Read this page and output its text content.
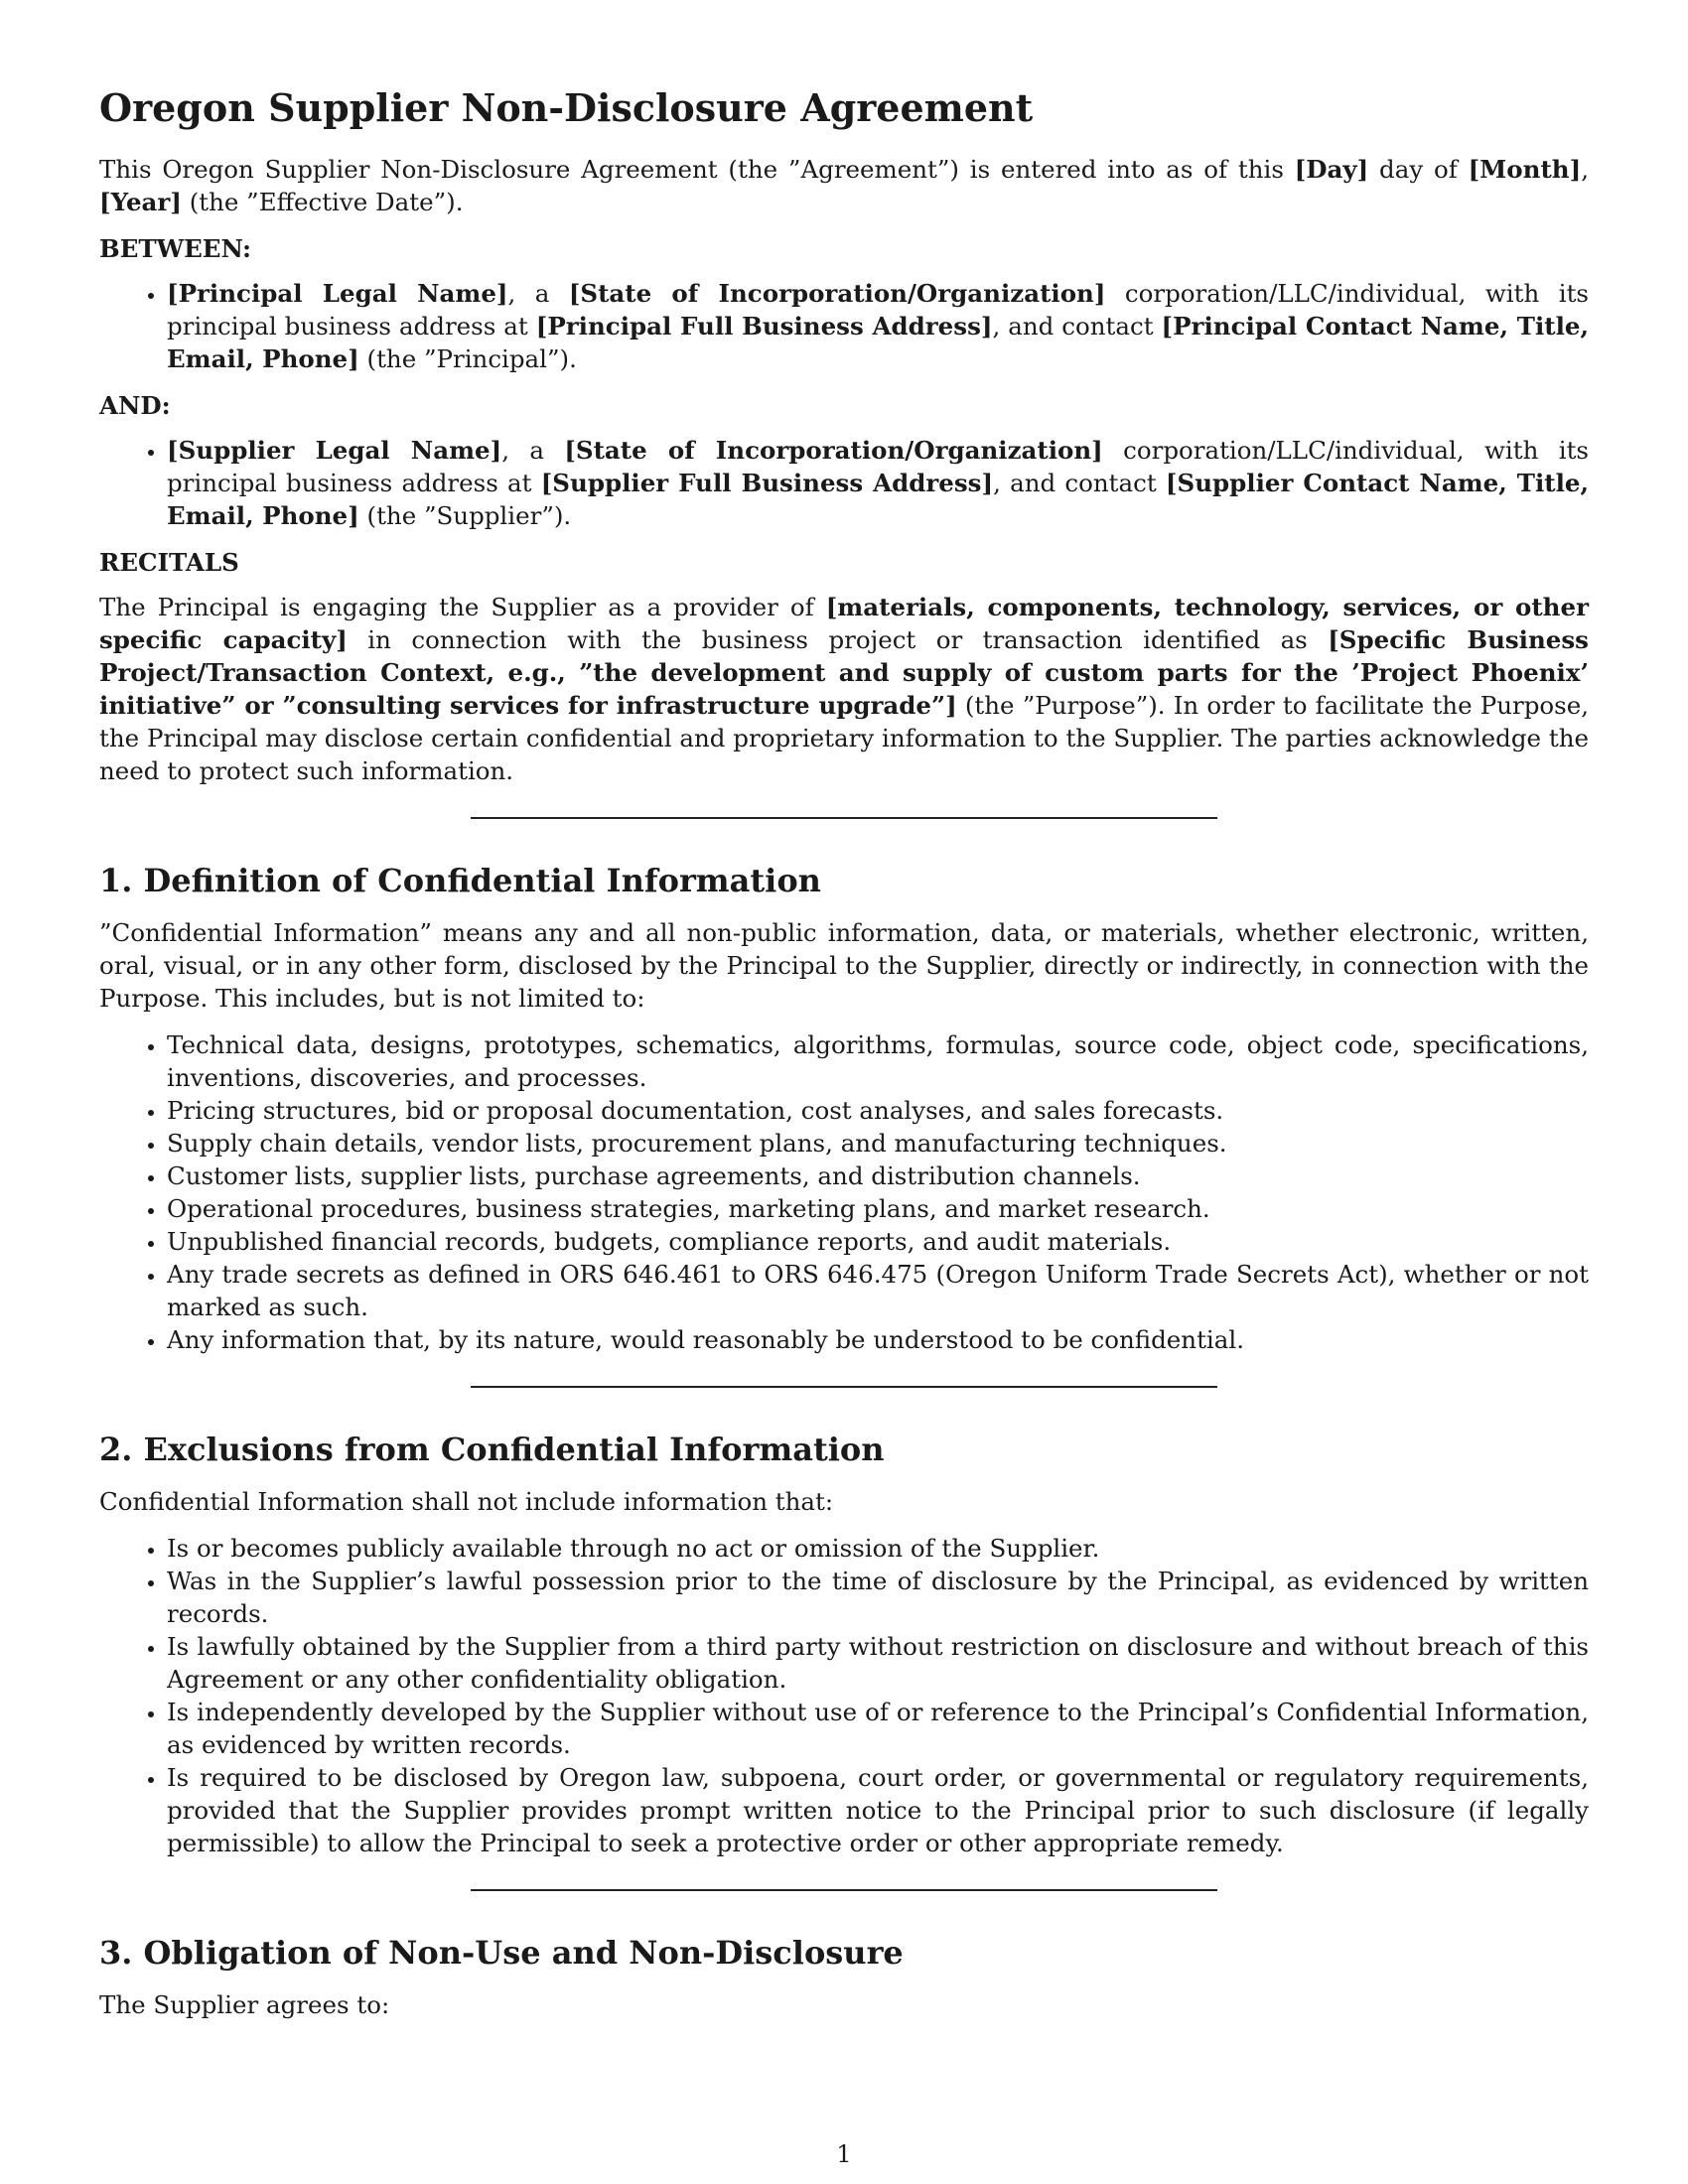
Oregon Supplier Non-Disclosure Agreement

This Oregon Supplier Non-Disclosure Agreement (the ”Agreement”) is entered into as of this [Day] day of [Month], [Year] (the ”Effective Date”).

BETWEEN:
• [Principal Legal Name], a [State of Incorporation/Organization] corporation/LLC/individual, with its principal business address at [Principal Full Business Address], and contact [Principal Contact Name, Title, Email, Phone] (the ”Principal”).
AND:
• [Supplier Legal Name], a [State of Incorporation/Organization] corporation/LLC/individual, with its principal business address at [Supplier Full Business Address], and contact [Supplier Contact Name, Title, Email, Phone] (the ”Supplier”).
RECITALS

The Principal is engaging the Supplier as a provider of [materials, components, technology, services, or other specific capacity] in connection with the business project or transaction identified as [Specific Business Project/Transaction Context, e.g., ”the development and supply of custom parts for the ’Project Phoenix’ initiative” or ”consulting services for infrastructure upgrade”] (the ”Purpose”). In order to facilitate the Purpose, the Principal may disclose certain confidential and proprietary information to the Supplier. The parties acknowledge the need to protect such information.

1. Definition of Confidential Information

”Confidential Information” means any and all non-public information, data, or materials, whether electronic, written, oral, visual, or in any other form, disclosed by the Principal to the Supplier, directly or indirectly, in connection with the Purpose. This includes, but is not limited to:

• Technical data, designs, prototypes, schematics, algorithms, formulas, source code, object code, specifications, inventions, discoveries, and processes.
• Pricing structures, bid or proposal documentation, cost analyses, and sales forecasts.
• Supply chain details, vendor lists, procurement plans, and manufacturing techniques.
• Customer lists, supplier lists, purchase agreements, and distribution channels.
• Operational procedures, business strategies, marketing plans, and market research.
• Unpublished financial records, budgets, compliance reports, and audit materials.
• Any trade secrets as defined in ORS 646.461 to ORS 646.475 (Oregon Uniform Trade Secrets Act), whether or not marked as such.
• Any information that, by its nature, would reasonably be understood to be confidential.
2. Exclusions from Confidential Information

Confidential Information shall not include information that:

• Is or becomes publicly available through no act or omission of the Supplier.
• Was in the Supplier’s lawful possession prior to the time of disclosure by the Principal, as evidenced by written records.
• Is lawfully obtained by the Supplier from a third party without restriction on disclosure and without breach of this Agreement or any other confidentiality obligation.
• Is independently developed by the Supplier without use of or reference to the Principal’s Confidential Information, as evidenced by written records.
• Is required to be disclosed by Oregon law, subpoena, court order, or governmental or regulatory requirements, provided that the Supplier provides prompt written notice to the Principal prior to such disclosure (if legally permissible) to allow the Principal to seek a protective order or other appropriate remedy.
3. Obligation of Non-Use and Non-Disclosure

The Supplier agrees to:

1
